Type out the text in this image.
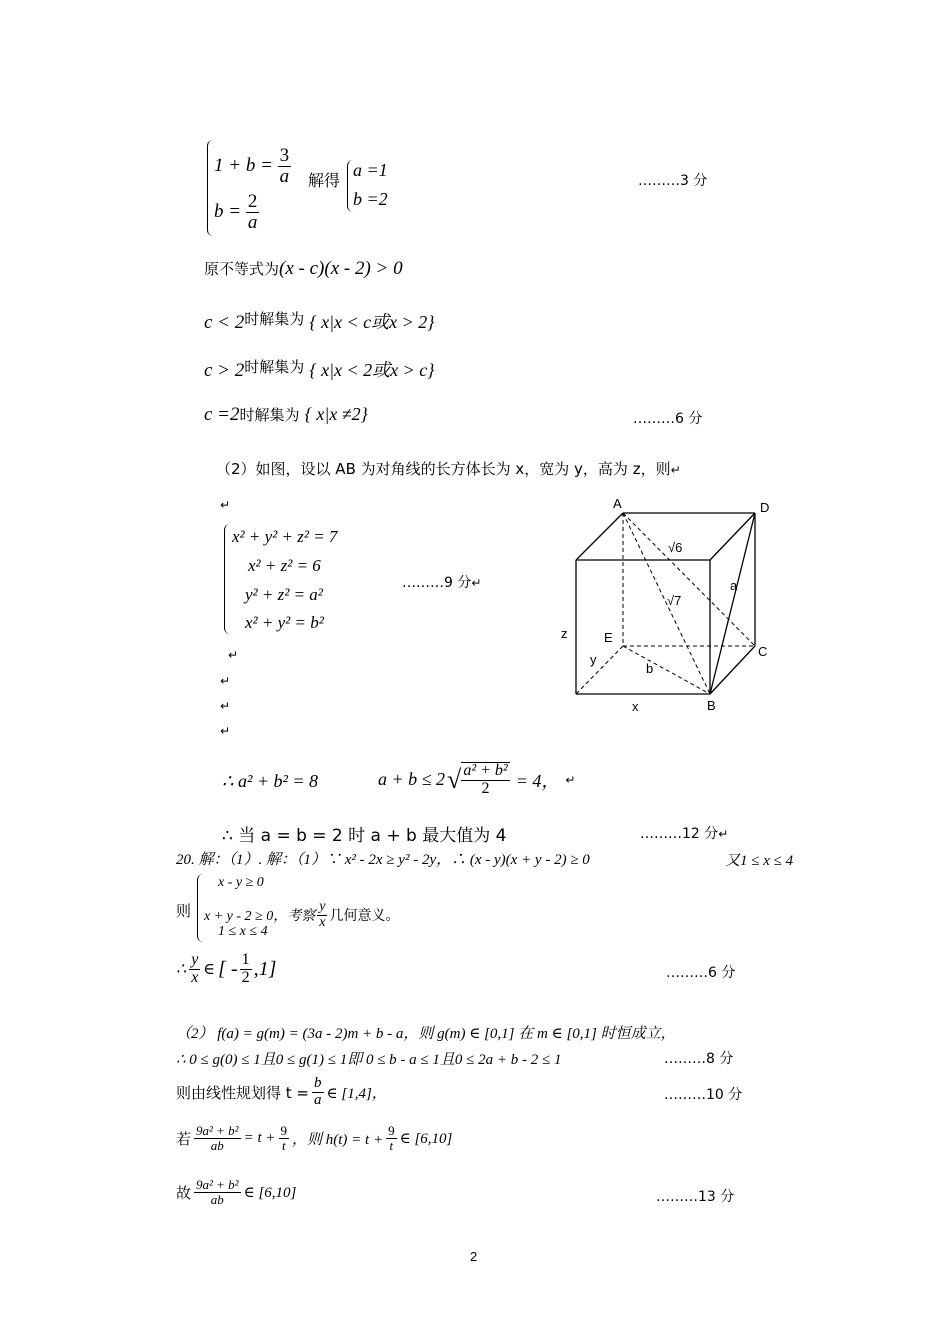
$1 + b = \frac{3}{a}$
$b = \frac{2}{a}$
解得
a =1
b =2
………3 分
原不等式为(x - c)(x - 2) > 0
c < 2时解集为 { x|x < c或x > 2}
c > 2时解集为 { x|x < 2或x > c}
c =2时解集为 { x|x ≠2}	………6 分
（2）如图，设以 AB 为对角线的长方体长为 x，宽为 y，高为 z，则↵
↵
x² + y² + z² = 7
x² + z² = 6
y² + z² = a²
x² + y² = b²
………9 分↵
↵
↵
↵
↵
A	D
C
B
E
z
y
x
a
b
√6
√7
∴ a² + b² = 8	a + b ≤ 2 √ $\frac{\text{a² + b²}}{2} = 4$， ↵
∴ 当 a = b = 2 时 a + b 最大值为 4	………12 分↵
20. 解：（1）. 解：（1）∵ x² - 2x ≥ y² - 2y，∴ (x - y)(x + y - 2) ≥ 0	又1 ≤ x ≤ 4
则
x - y ≥ 0
x + y - 2 ≥ 0，考察 $\frac{y}{x}$ 几何意义。
1 ≤ x ≤ 4
∴ $\frac{y}{x}$ ∈ [ - $\frac{1}{2} ,1$]	………6 分
（2） f(a) = g(m) = (3a - 2)m + b - a，则 g(m) ∈ [0,1] 在 m ∈ [0,1] 时恒成立，
∴ 0 ≤ g(0) ≤ 1且0 ≤ g(1) ≤ 1即 0 ≤ b - a ≤ 1且0 ≤ 2a + b - 2 ≤ 1	………8 分
则由线性规划得 $t = \frac{b}{a}$ ∈ [1,4]，	………10 分
若 $\frac{\text{9a² + b²}}{ab} = t + \frac{9}{t}$ ，则 $h(t) = t + \frac{9}{t}$ ∈ [6,10]
故 $\frac{\text{9a² + b²}}{ab}$ ∈ [6,10]	………13 分
2
